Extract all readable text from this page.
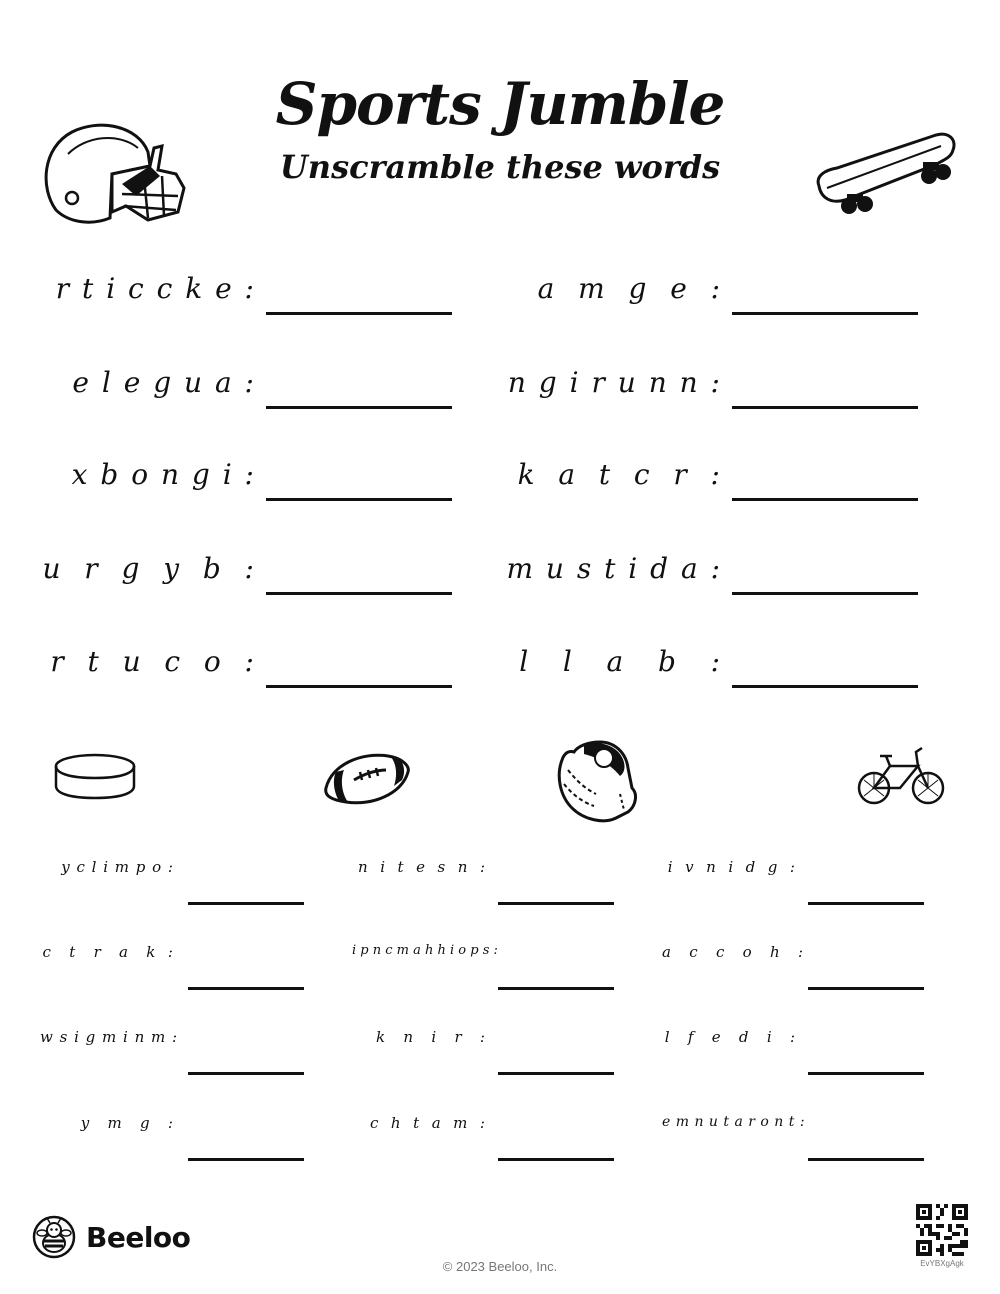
Sports Jumble
Unscramble these words
r t i c c k e :	a  m  g  e  :
e l e g u a :	n g i r u n n :
x b o n g i :	k  a  t  c  r  :
u  r  g  y  b  :	m u s t i d a :
r  t  u  c  o  :	l   l   a   b   :
y c l i m p o :	n  i  t  e  s  n  :	i  v  n  i  d  g  :
c   t   r   a   k  :	i p n c m a h h i o p s :	a   c   c   o   h   :
w s i g m i n m :	k   n   i   r   :	l   f   e   d   i   :
y   m   g   :	c  h  t  a  m  :	e m n u t a r o n t :
Beeloo
© 2023 Beeloo, Inc.	EvYBXgAgk
